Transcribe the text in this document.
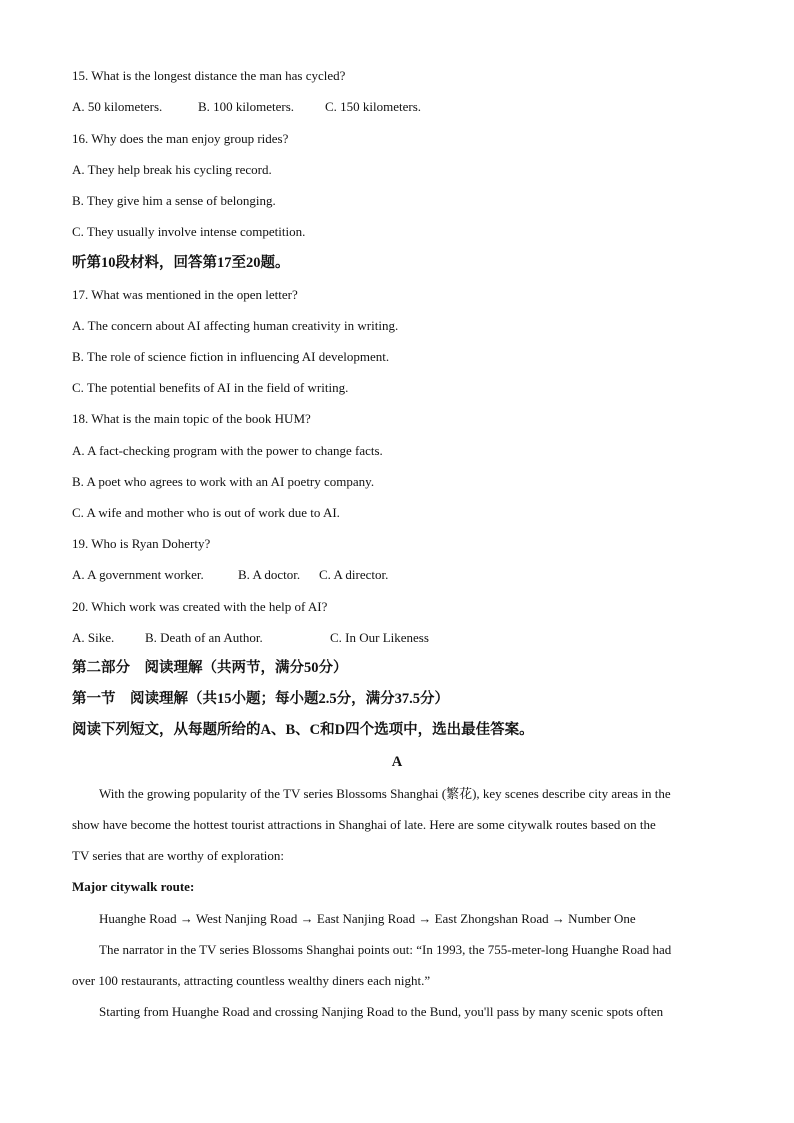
15. What is the longest distance the man has cycled?
A. 50 kilometers.	B. 100 kilometers. C. 150 kilometers.
16. Why does the man enjoy group rides?
A. They help break his cycling record.
B. They give him a sense of belonging.
C. They usually involve intense competition.
听第10段材料，回答第17至20题。
17. What was mentioned in the open letter?
A. The concern about AI affecting human creativity in writing.
B. The role of science fiction in influencing AI development.
C. The potential benefits of AI in the field of writing.
18. What is the main topic of the book HUM?
A. A fact-checking program with the power to change facts.
B. A poet who agrees to work with an AI poetry company.
C. A wife and mother who is out of work due to AI.
19. Who is Ryan Doherty?
A. A government worker.	B. A doctor. C. A director.
20. Which work was created with the help of AI?
A. Sike. B. Death of an Author.	C. In Our Likeness
第二部分　阅读理解（共两节，满分50分）
第一节　阅读理解（共15小题；每小题2.5分，满分37.5分）
阅读下列短文，从每题所给的A、B、C和D四个选项中，选出最佳答案。
A
With the growing popularity of the TV series Blossoms Shanghai (繁花), key scenes describe city areas in the
show have become the hottest tourist attractions in Shanghai of late. Here are some citywalk routes based on the
TV series that are worthy of exploration:
Major citywalk route:
Huanghe Road → West Nanjing Road → East Nanjing Road → East Zhongshan Road → Number One
The narrator in the TV series Blossoms Shanghai points out: “In 1993, the 755-meter-long Huanghe Road had
over 100 restaurants, attracting countless wealthy diners each night.”
Starting from Huanghe Road and crossing Nanjing Road to the Bund, you'll pass by many scenic spots often
